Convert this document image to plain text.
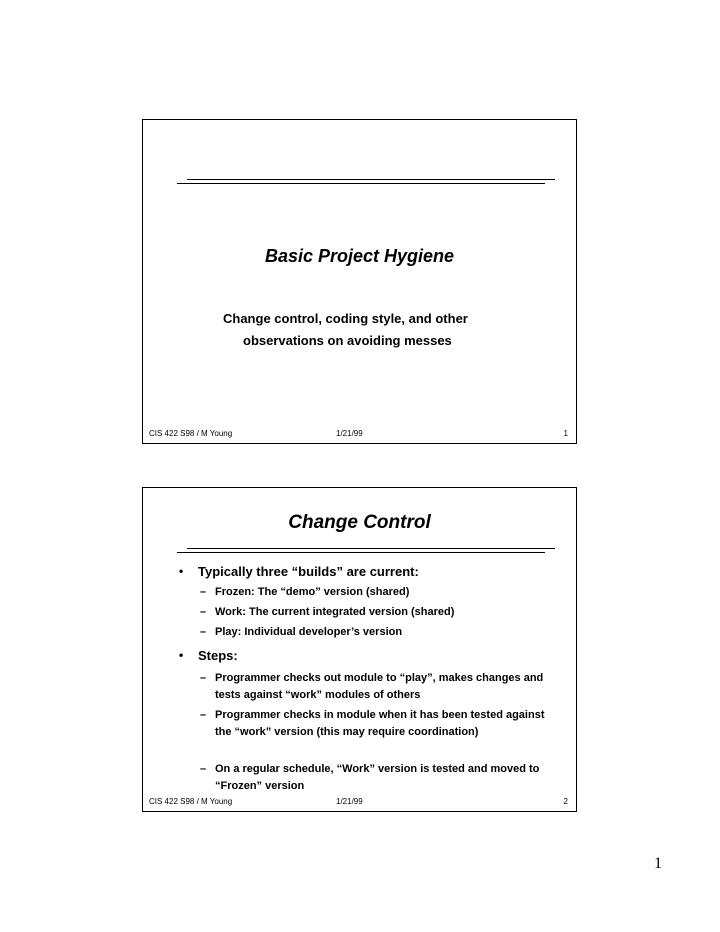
Basic Project Hygiene
Change control, coding style, and other
observations on avoiding messes
CIS 422 S98 / M Young	1/21/99	1
Change Control
• Typically three “builds” are current:
– Frozen: The “demo” version (shared)
– Work: The current integrated version (shared)
– Play: Individual developer’s version
• Steps:
– Programmer checks out module to “play”, makes changes and tests against “work” modules of others
– Programmer checks in module when it has been tested against the “work” version (this may require coordination)
– On a regular schedule, “Work” version is tested and moved to “Frozen” version
CIS 422 S98 / M Young	1/21/99	2
1
